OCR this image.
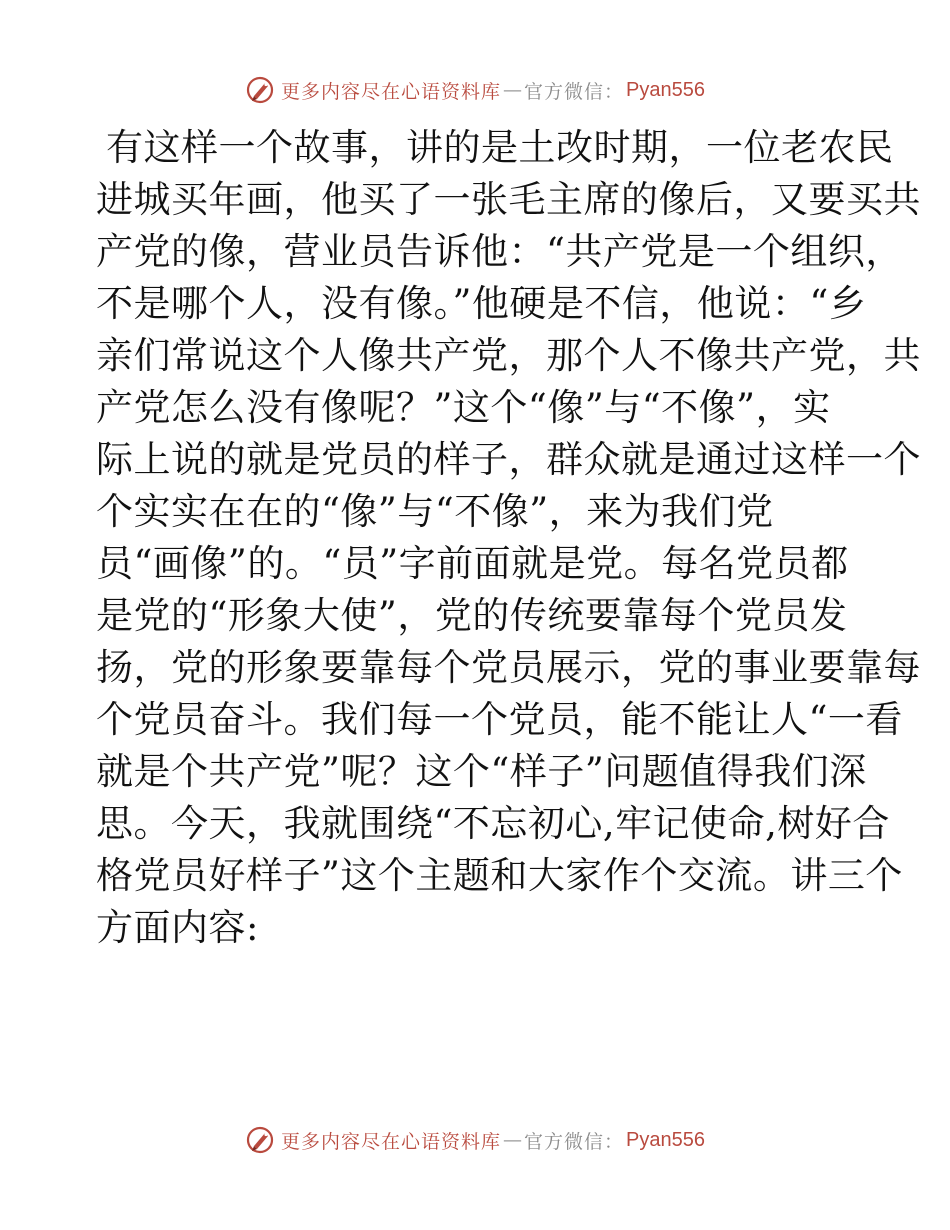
更多内容尽在心语资料库 — 官方微信： Pyan556
有这样一个故事，讲的是土改时期，一位老农民
进城买年画，他买了一张毛主席的像后，又要买共
产党的像，营业员告诉他：“共产党是一个组织，
不是哪个人，没有像。”他硬是不信，他说：“乡
亲们常说这个人像共产党，那个人不像共产党，共
产党怎么没有像呢？”这个“像”与“不像”，实
际上说的就是党员的样子，群众就是通过这样一个
个实实在在的“像”与“不像”，来为我们党
员“画像”的。“员”字前面就是党。每名党员都
是党的“形象大使”，党的传统要靠每个党员发
扬，党的形象要靠每个党员展示，党的事业要靠每
个党员奋斗。我们每一个党员，能不能让人“一看
就是个共产党”呢？这个“样子”问题值得我们深
思。今天，我就围绕“不忘初心,牢记使命,树好合
格党员好样子”这个主题和大家作个交流。讲三个
方面内容:
更多内容尽在心语资料库 — 官方微信： Pyan556
